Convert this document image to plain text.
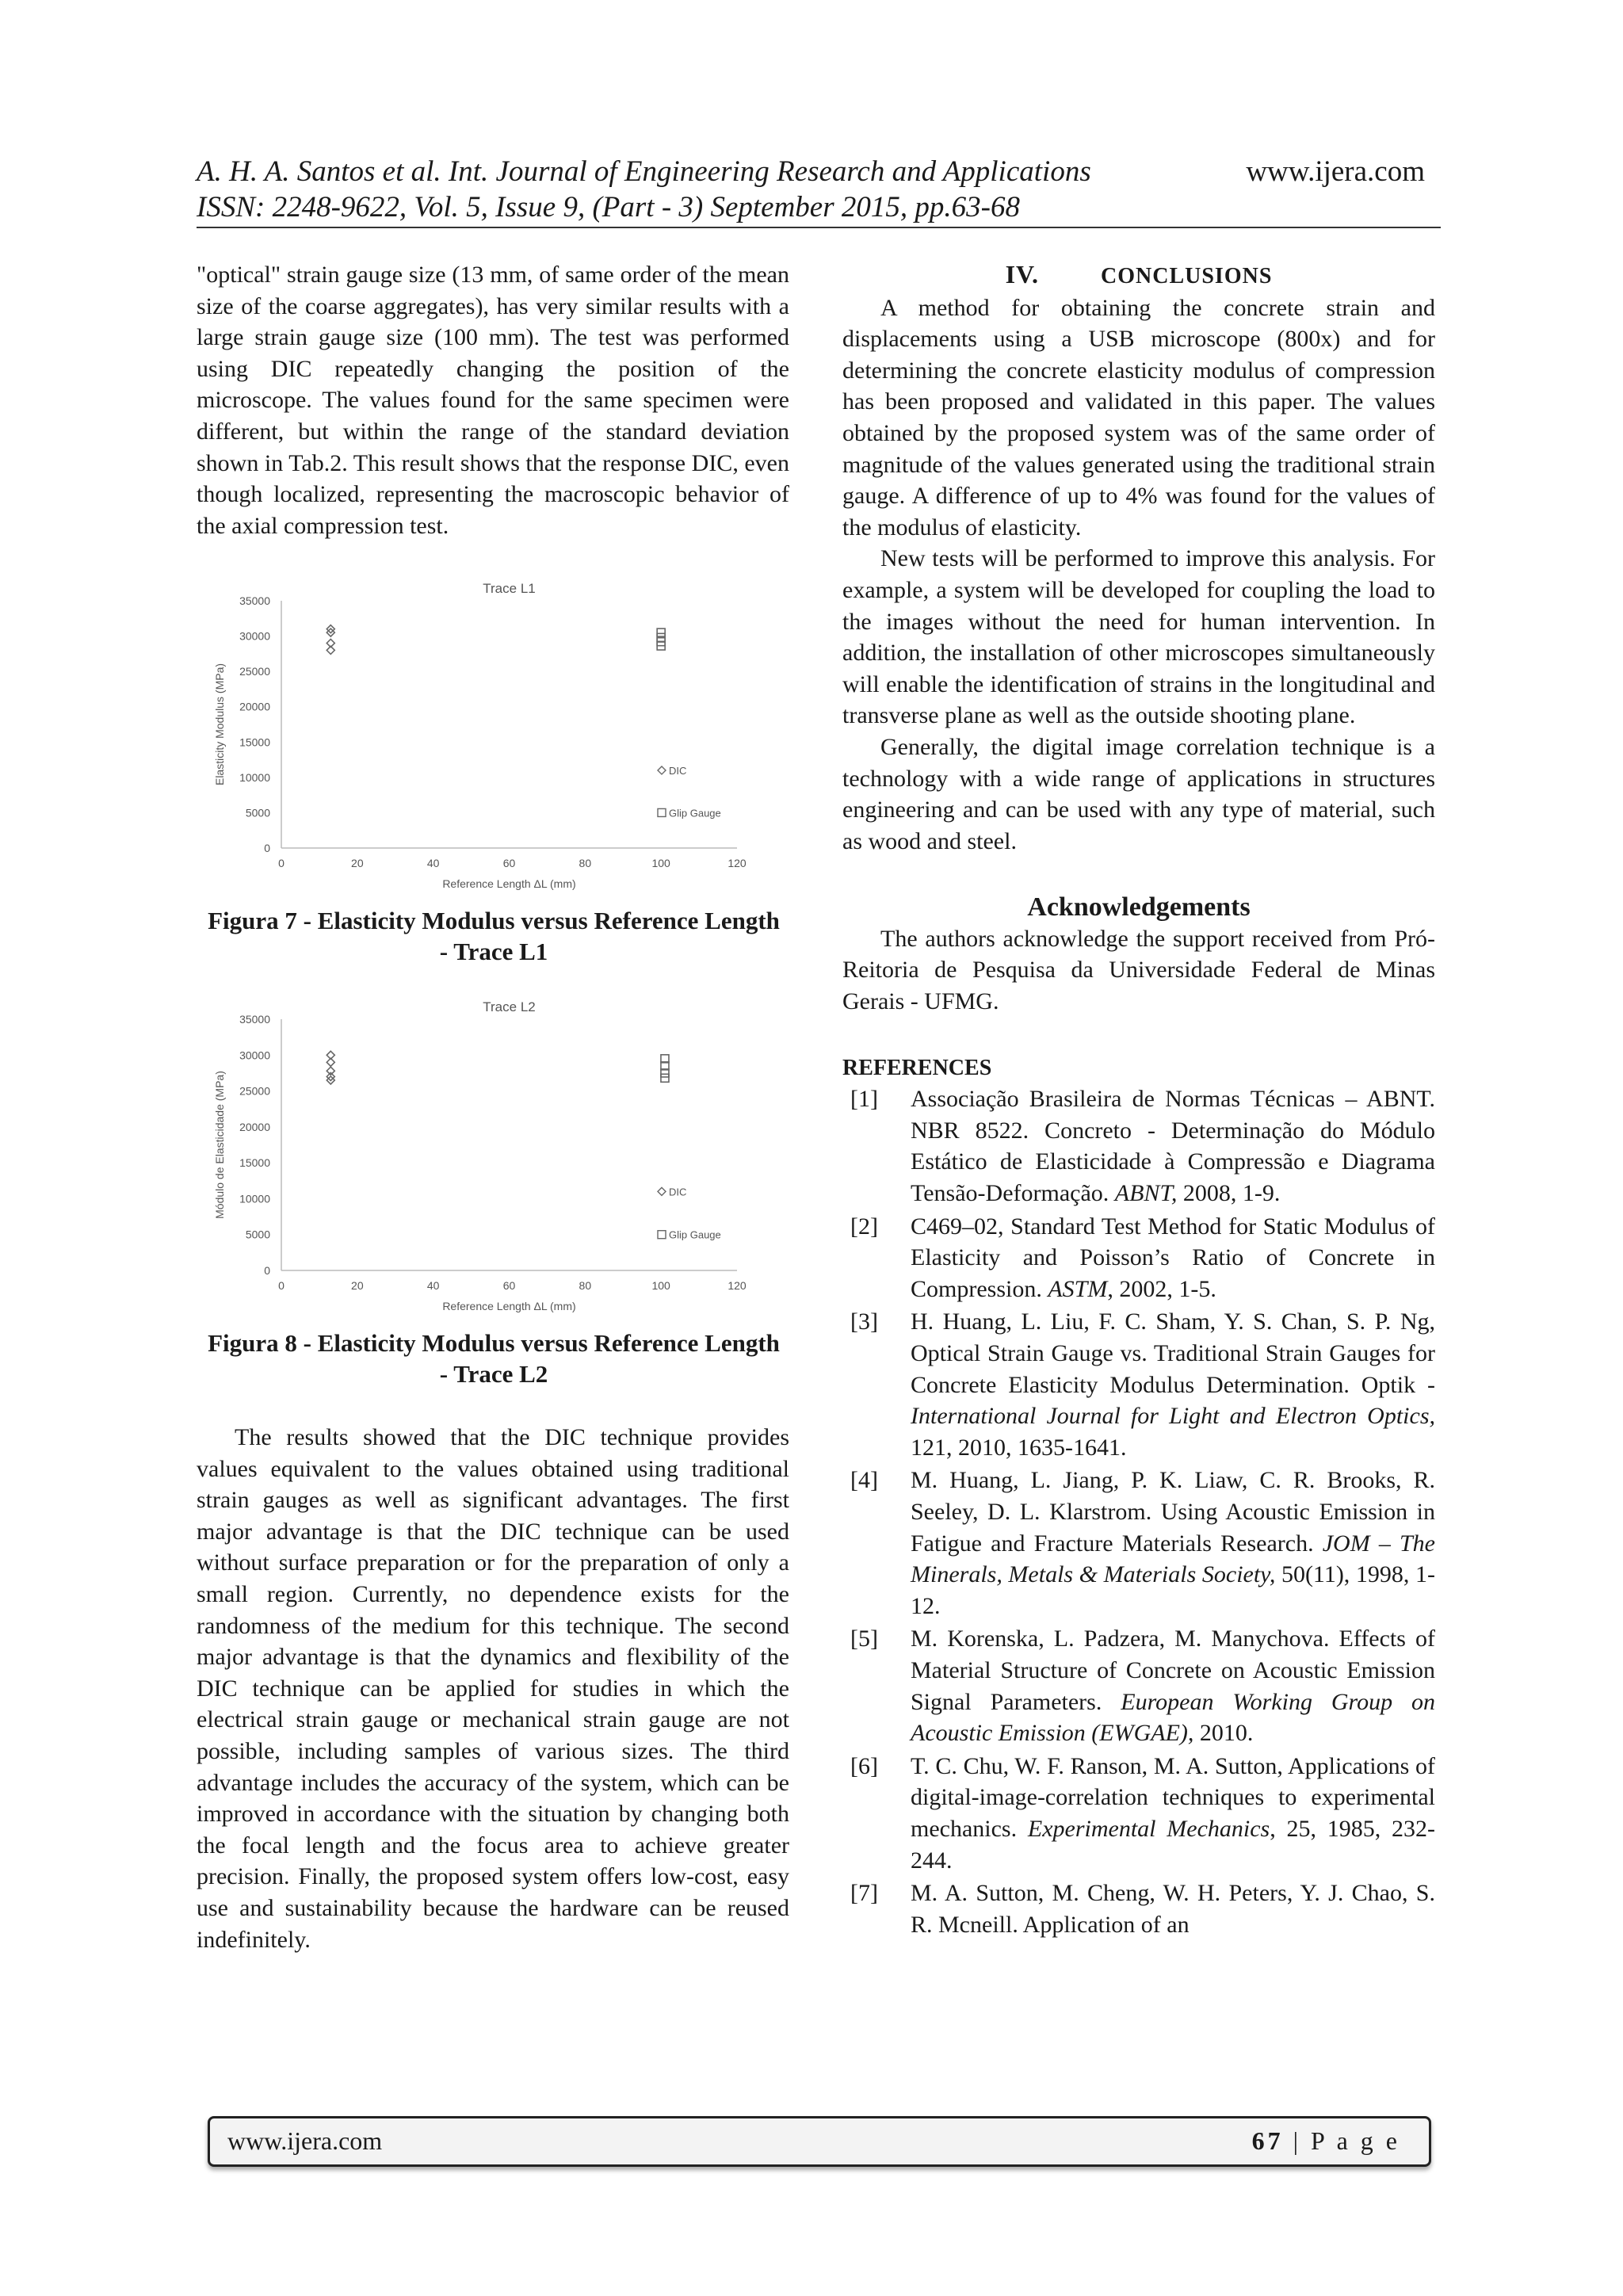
A. H. A. Santos et al. Int. Journal of Engineering Research and Applications
ISSN: 2248-9622, Vol. 5, Issue 9, (Part - 3) September 2015, pp.63-68
www.ijera.com

"optical" strain gauge size (13 mm, of same order of the mean size of the coarse aggregates), has very similar results with a large strain gauge size (100 mm). The test was performed using DIC repeatedly changing the position of the microscope. The values found for the same specimen were different, but within the range of the standard deviation shown in Tab.2. This result shows that the response DIC, even though localized, representing the macroscopic behavior of the axial compression test.

Trace L1
0
5000
10000
15000
20000
25000
30000
35000
0	20	40	60	80	100	120
Reference Length ΔL (mm)
Elasticity Modulus (MPa)	DIC
Glip Gauge
Figura 7 - Elasticity Modulus versus Reference Length - Trace L1
Trace L2
0
5000
10000
15000
20000
25000
30000
35000
0	20	40	60	80	100	120
Reference Length ΔL (mm)
Módulo de Elasticidade (MPa)	DIC
Glip Gauge
Figura 8 - Elasticity Modulus versus Reference Length - Trace L2

The results showed that the DIC technique provides values equivalent to the values obtained using traditional strain gauges as well as significant advantages. The first major advantage is that the DIC technique can be used without surface preparation or for the preparation of only a small region. Currently, no dependence exists for the randomness of the medium for this technique. The second major advantage is that the dynamics and flexibility of the DIC technique can be applied for studies in which the electrical strain gauge or mechanical strain gauge are not possible, including samples of various sizes. The third advantage includes the accuracy of the system, which can be improved in accordance with the situation by changing both the focal length and the focus area to achieve greater precision. Finally, the proposed system offers low-cost, easy use and sustainability because the hardware can be reused indefinitely.

IV.	CONCLUSIONS

A method for obtaining the concrete strain and displacements using a USB microscope (800x) and for determining the concrete elasticity modulus of compression has been proposed and validated in this paper. The values obtained by the proposed system was of the same order of magnitude of the values generated using the traditional strain gauge. A difference of up to 4% was found for the values of the modulus of elasticity.

New tests will be performed to improve this analysis. For example, a system will be developed for coupling the load to the images without the need for human intervention. In addition, the installation of other microscopes simultaneously will enable the identification of strains in the longitudinal and transverse plane as well as the outside shooting plane.

Generally, the digital image correlation technique is a technology with a wide range of applications in structures engineering and can be used with any type of material, such as wood and steel.

Acknowledgements

The authors acknowledge the support received from Pró-Reitoria de Pesquisa da Universidade Federal de Minas Gerais - UFMG.

REFERENCES
[1]	Associação Brasileira de Normas Técnicas – ABNT. NBR 8522. Concreto - Determinação do Módulo Estático de Elasticidade à Compressão e Diagrama Tensão-Deformação. ABNT, 2008, 1-9.
[2]	C469–02, Standard Test Method for Static Modulus of Elasticity and Poisson’s Ratio of Concrete in Compression. ASTM, 2002, 1-5.
[3]	H. Huang, L. Liu, F. C. Sham, Y. S. Chan, S. P. Ng, Optical Strain Gauge vs. Traditional Strain Gauges for Concrete Elasticity Modulus Determination. Optik - International Journal for Light and Electron Optics, 121, 2010, 1635-1641.
[4]	M. Huang, L. Jiang, P. K. Liaw, C. R. Brooks, R. Seeley, D. L. Klarstrom. Using Acoustic Emission in Fatigue and Fracture Materials Research. JOM – The Minerals, Metals & Materials Society, 50(11), 1998, 1-12.
[5]	M. Korenska, L. Padzera, M. Manychova. Effects of Material Structure of Concrete on Acoustic Emission Signal Parameters. European Working Group on Acoustic Emission (EWGAE), 2010.
[6]	T. C. Chu, W. F. Ranson, M. A. Sutton, Applications of digital-image-correlation techniques to experimental mechanics. Experimental Mechanics, 25, 1985, 232-244.
[7]	M. A. Sutton, M. Cheng, W. H. Peters, Y. J. Chao, S. R. Mcneill. Application of an
www.ijera.com	67 | P a g e
